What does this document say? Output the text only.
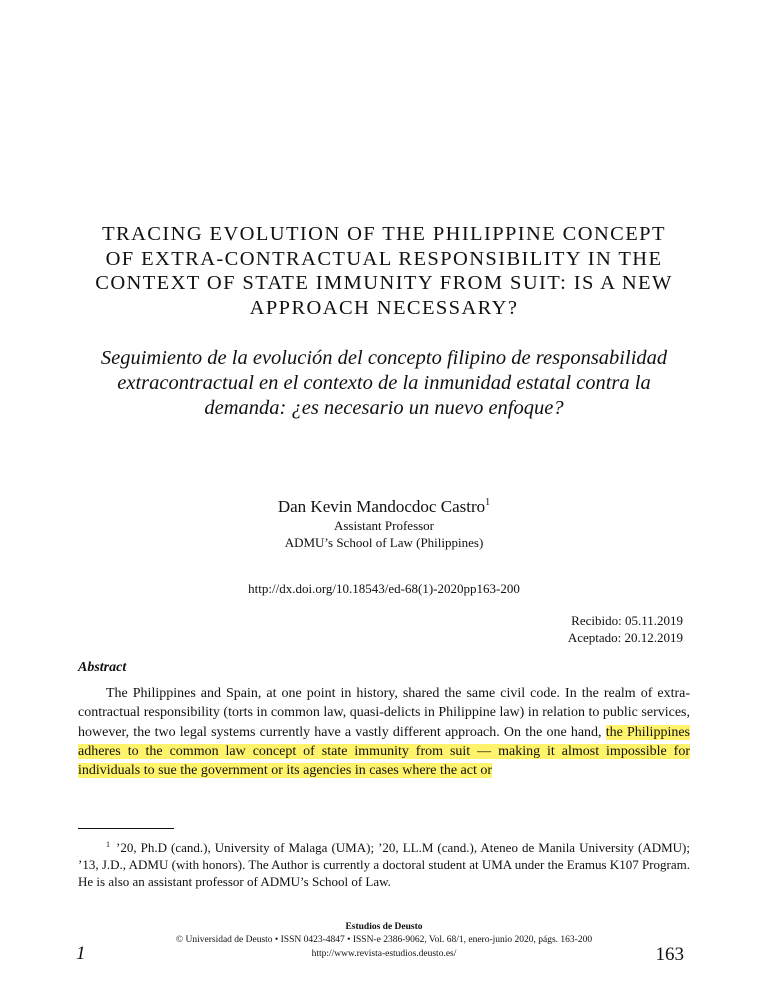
TRACING EVOLUTION OF THE PHILIPPINE CONCEPT OF EXTRA-CONTRACTUAL RESPONSIBILITY IN THE CONTEXT OF STATE IMMUNITY FROM SUIT: IS A NEW APPROACH NECESSARY?

Seguimiento de la evolución del concepto filipino de responsabilidad extracontractual en el contexto de la inmunidad estatal contra la demanda: ¿es necesario un nuevo enfoque?

Dan Kevin Mandocdoc Castro$^1$
Assistant Professor
ADMU’s School of Law (Philippines)
http://dx.doi.org/10.18543/ed-68(1)-2020pp163-200
Recibido: 05.11.2019
Aceptado: 20.12.2019
Abstract

The Philippines and Spain, at one point in history, shared the same civil code. In the realm of extra-contractual responsibility (torts in common law, quasi-delicts in Philippine law) in relation to public services, however, the two legal systems currently have a vastly different approach. On the one hand, the Philippines adheres to the common law concept of state immunity from suit — making it almost impossible for individuals to sue the government or its agencies in cases where the act or

$^1$ ’20, Ph.D (cand.), University of Malaga (UMA); ’20, LL.M (cand.), Ateneo de Manila University (ADMU); ’13, J.D., ADMU (with honors). The Author is currently a doctoral student at UMA under the Eramus K107 Program. He is also an assistant professor of ADMU’s School of Law.

Estudios de Deusto
© Universidad de Deusto • ISSN 0423-4847 • ISSN-e 2386-9062, Vol. 68/1, enero-junio 2020, págs. 163-200
http://www.revista-estudios.deusto.es/
1	163
